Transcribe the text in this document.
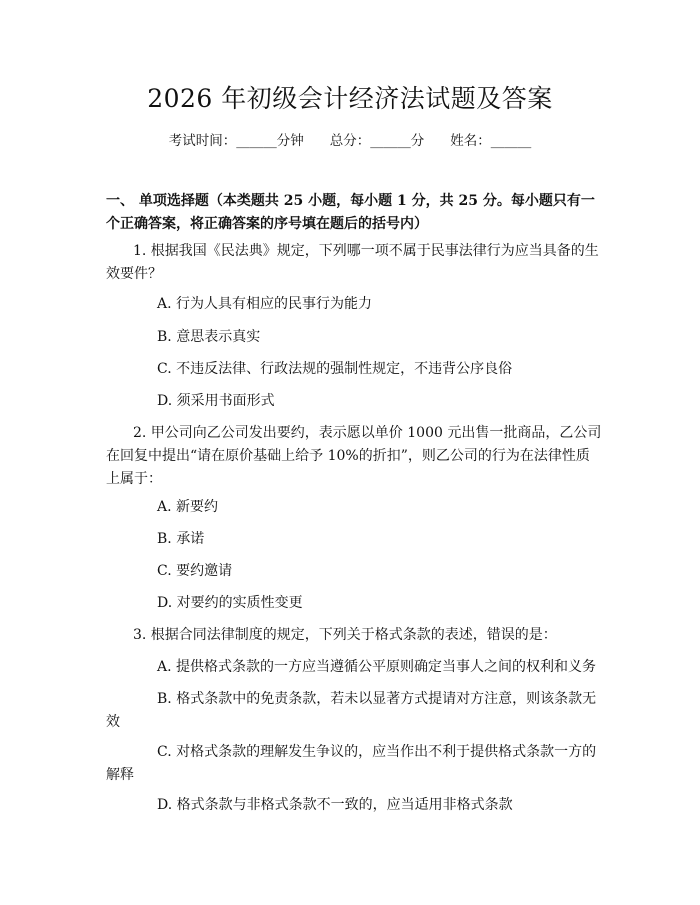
2026 年初级会计经济法试题及答案
考试时间：______分钟 总分：______分 姓名：______
一、 单项选择题（本类题共 25 小题，每小题 1 分，共 25 分。每小题只有一个正确答案，将正确答案的序号填在题后的括号内）
1. 根据我国《民法典》规定，下列哪一项不属于民事法律行为应当具备的生效要件？
A. 行为人具有相应的民事行为能力
B. 意思表示真实
C. 不违反法律、行政法规的强制性规定，不违背公序良俗
D. 须采用书面形式
2. 甲公司向乙公司发出要约，表示愿以单价 1000 元出售一批商品，乙公司在回复中提出“请在原价基础上给予 10%的折扣”，则乙公司的行为在法律性质上属于：
A. 新要约
B. 承诺
C. 要约邀请
D. 对要约的实质性变更
3. 根据合同法律制度的规定，下列关于格式条款的表述，错误的是：
A. 提供格式条款的一方应当遵循公平原则确定当事人之间的权利和义务
B. 格式条款中的免责条款，若未以显著方式提请对方注意，则该条款无效
C. 对格式条款的理解发生争议的，应当作出不利于提供格式条款一方的解释
D. 格式条款与非格式条款不一致的，应当适用非格式条款
